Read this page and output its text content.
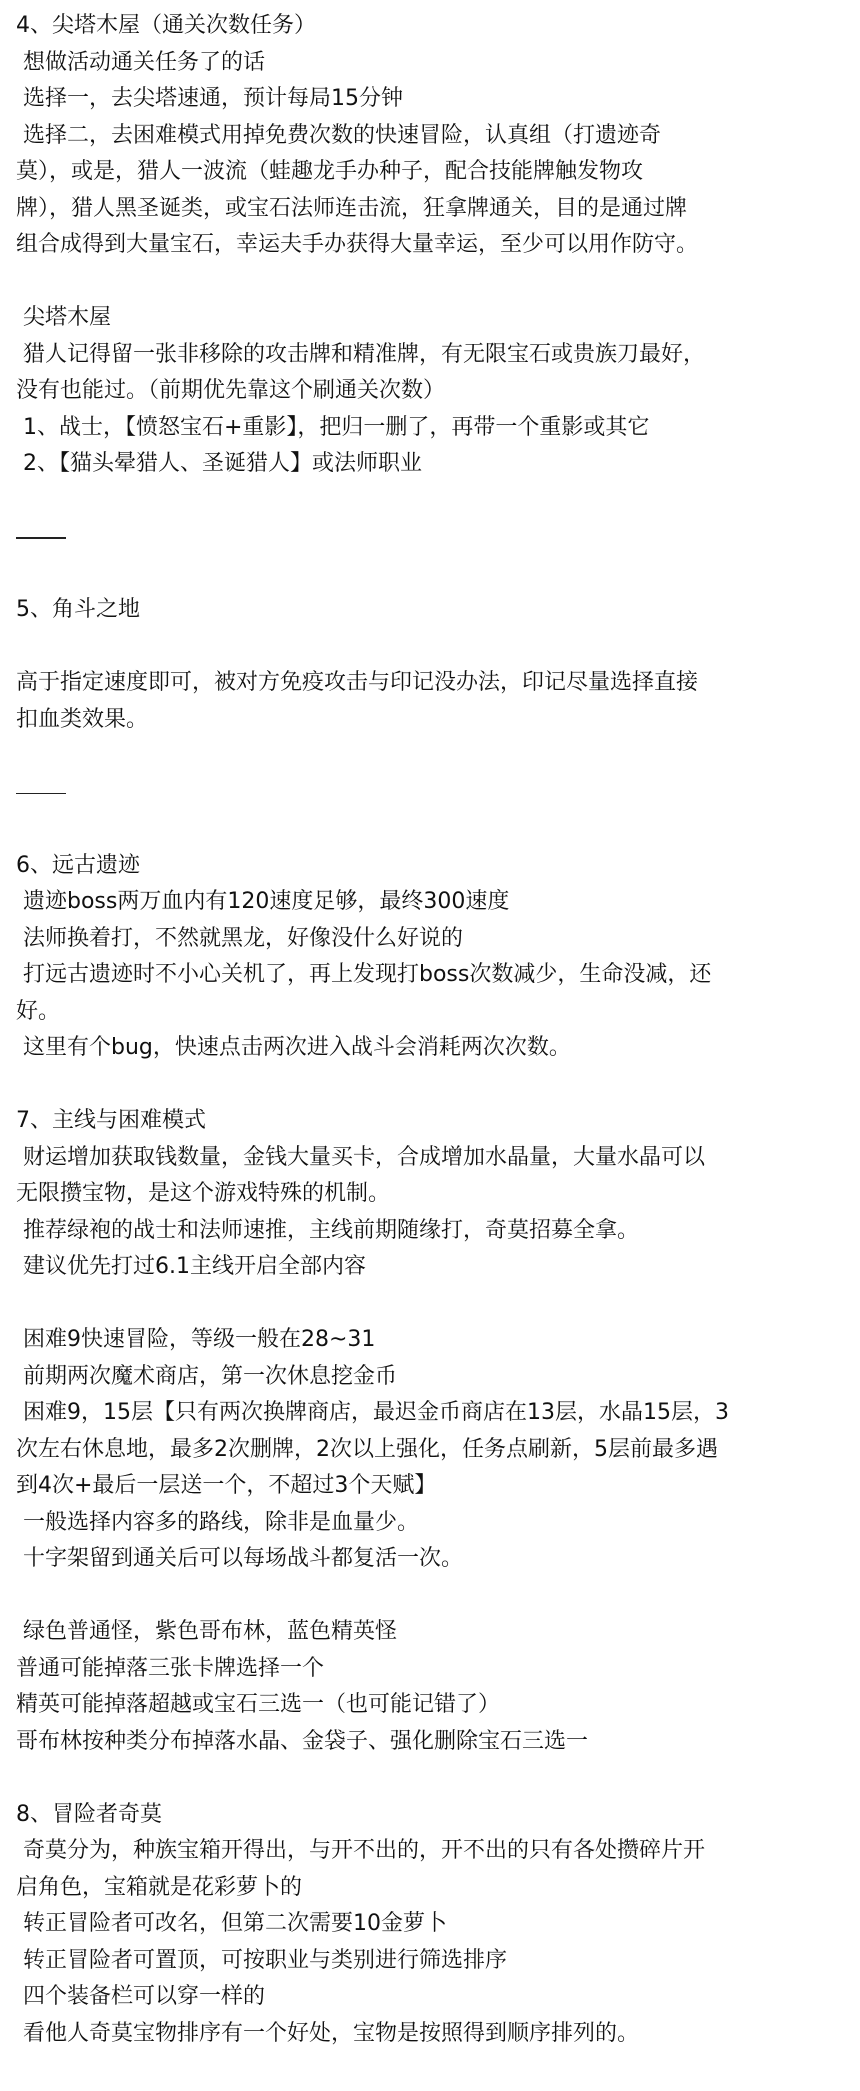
4、尖塔木屋（通关次数任务）
想做活动通关任务了的话
选择一，去尖塔速通，预计每局15分钟
选择二，去困难模式用掉免费次数的快速冒险，认真组（打遗迹奇
莫），或是，猎人一波流（蛙趣龙手办种子，配合技能牌触发物攻
牌），猎人黑圣诞类，或宝石法师连击流，狂拿牌通关，目的是通过牌
组合成得到大量宝石，幸运夫手办获得大量幸运，至少可以用作防守。
尖塔木屋
猎人记得留一张非移除的攻击牌和精准牌，有无限宝石或贵族刀最好，
没有也能过。（前期优先靠这个刷通关次数）
1、战士，【愤怒宝石+重影】，把归一删了，再带一个重影或其它
2、【猫头晕猎人、圣诞猎人】或法师职业
5、角斗之地
高于指定速度即可，被对方免疫攻击与印记没办法，印记尽量选择直接
扣血类效果。
6、远古遗迹
遗迹boss两万血内有120速度足够，最终300速度
法师换着打，不然就黑龙，好像没什么好说的
打远古遗迹时不小心关机了，再上发现打boss次数减少，生命没减，还
好。
这里有个bug，快速点击两次进入战斗会消耗两次次数。
7、主线与困难模式
财运增加获取钱数量，金钱大量买卡，合成增加水晶量，大量水晶可以
无限攒宝物，是这个游戏特殊的机制。
推荐绿袍的战士和法师速推，主线前期随缘打，奇莫招募全拿。
建议优先打过6.1主线开启全部内容
困难9快速冒险，等级一般在28~31
前期两次魔术商店，第一次休息挖金币
困难9，15层【只有两次换牌商店，最迟金币商店在13层，水晶15层，3
次左右休息地，最多2次删牌，2次以上强化，任务点刷新，5层前最多遇
到4次+最后一层送一个，不超过3个天赋】
一般选择内容多的路线，除非是血量少。
十字架留到通关后可以每场战斗都复活一次。
绿色普通怪，紫色哥布林，蓝色精英怪
普通可能掉落三张卡牌选择一个
精英可能掉落超越或宝石三选一（也可能记错了）
哥布林按种类分布掉落水晶、金袋子、强化删除宝石三选一
8、冒险者奇莫
奇莫分为，种族宝箱开得出，与开不出的，开不出的只有各处攒碎片开
启角色，宝箱就是花彩萝卜的
转正冒险者可改名，但第二次需要10金萝卜
转正冒险者可置顶，可按职业与类别进行筛选排序
四个装备栏可以穿一样的
看他人奇莫宝物排序有一个好处，宝物是按照得到顺序排列的。
